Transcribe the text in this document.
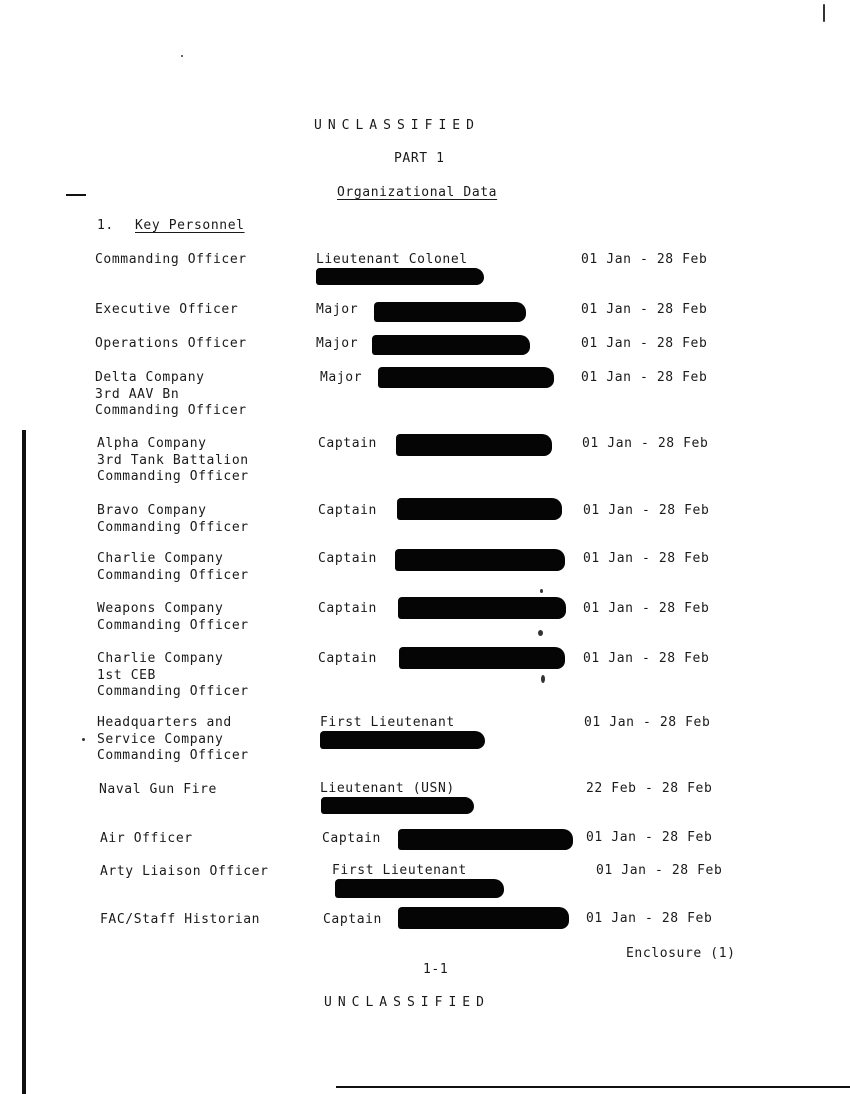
UNCLASSIFIED
PART 1
Organizational Data
1. Key Personnel
Commanding Officer	Lieutenant Colonel	01 Jan - 28 Feb
Executive Officer	Major	01 Jan - 28 Feb
Operations Officer	Major	01 Jan - 28 Feb
Delta Company
3rd AAV Bn
Commanding Officer
Major	01 Jan - 28 Feb
Alpha Company
3rd Tank Battalion
Commanding Officer
Captain	01 Jan - 28 Feb
Bravo Company
Commanding Officer
Captain	01 Jan - 28 Feb
Charlie Company
Commanding Officer
Captain	01 Jan - 28 Feb
Weapons Company
Commanding Officer
Captain	01 Jan - 28 Feb
Charlie Company
1st CEB
Commanding Officer
Captain	01 Jan - 28 Feb
Headquarters and
Service Company
Commanding Officer
First Lieutenant	01 Jan - 28 Feb
Naval Gun Fire	Lieutenant (USN)	22 Feb - 28 Feb
Air Officer	Captain	01 Jan - 28 Feb
Arty Liaison Officer	First Lieutenant	01 Jan - 28 Feb
FAC/Staff Historian	Captain	01 Jan - 28 Feb
Enclosure (1)
1-1
UNCLASSIFIED
